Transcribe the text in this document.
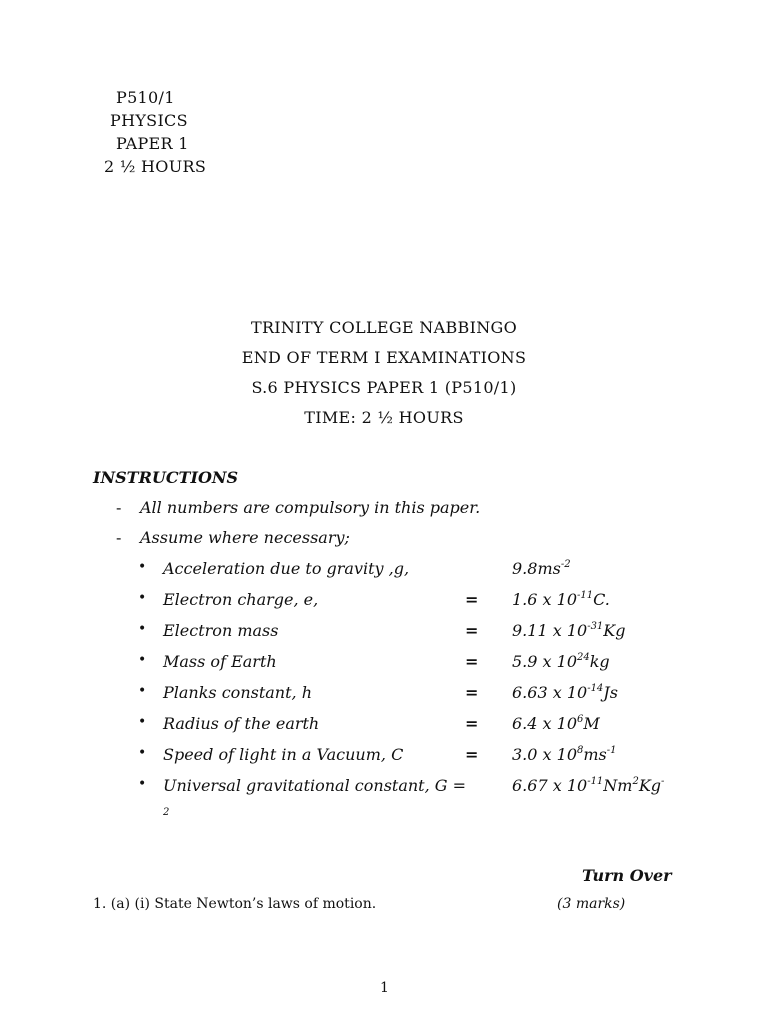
P510/1
PHYSICS
PAPER 1
2 ½ HOURS
TRINITY COLLEGE NABBINGO
END OF TERM I EXAMINATIONS
S.6 PHYSICS PAPER 1 (P510/1)
TIME: 2 ½ HOURS
INSTRUCTIONS
- All numbers are compulsory in this paper.
- Assume where necessary;
• Acceleration due to gravity ,g,	$9.8ms^{-2}$
• Electron charge, e,	= 1.6 x $10^{-11}C$.
• Electron mass	= 9.11 x $10^{-31}Kg$
• Mass of Earth	= 5.9 x $10^{24}kg$
• Planks constant, h	= 6.63 x $10^{-14}Js$
• Radius of the earth	= 6.4 x $10^6M$
• Speed of light in a Vacuum, C	= 3.0 x $10^8ms^{-1}$
• Universal gravitational constant, G =	6.67 x $10^{-11}Nm^2Kg^-$
2
Turn Over
1. (a) (i) State Newton’s laws of motion.	(3 marks)
1
